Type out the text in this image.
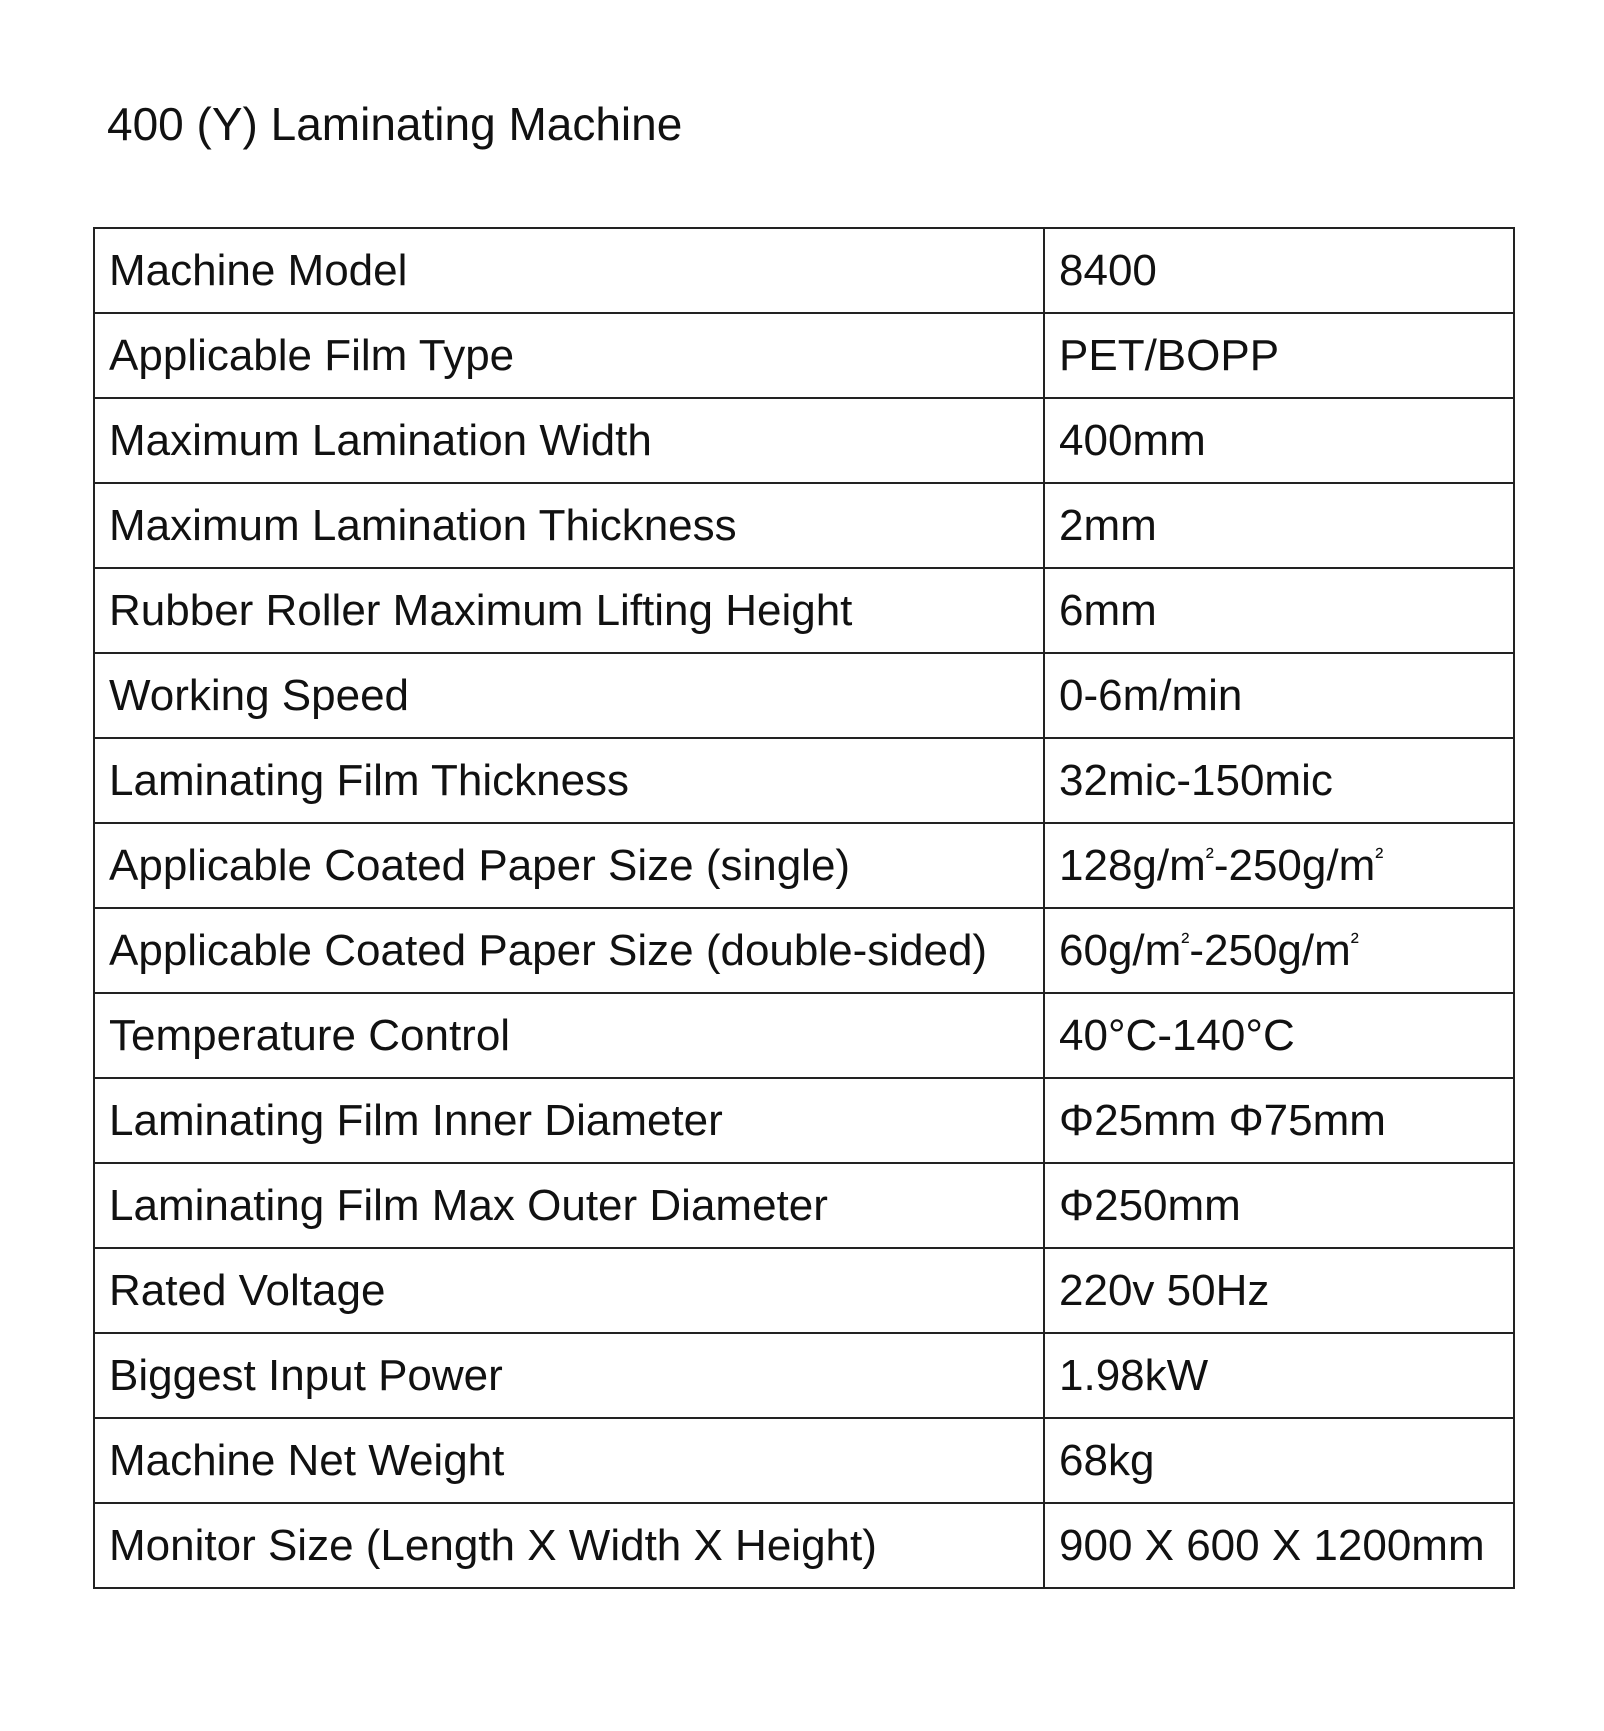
400 (Y) Laminating Machine
Machine Model	8400
Applicable Film Type	PET/BOPP
Maximum Lamination Width	400mm
Maximum Lamination Thickness	2mm
Rubber Roller Maximum Lifting Height	6mm
Working Speed	0-6m/min
Laminating Film Thickness	32mic-150mic
Applicable Coated Paper Size (single)	$128g/m^{^2}-250g/m^{^2}$
Applicable Coated Paper Size (double-sided)	$60g/m^{^2}-250g/m^{^2}$
Temperature Control	40°C-140°C
Laminating Film Inner Diameter	Φ25mm Φ75mm
Laminating Film Max Outer Diameter	Φ250mm
Rated Voltage	220v 50Hz
Biggest Input Power	1.98kW
Machine Net Weight	68kg
Monitor Size (Length X Width X Height)	900 X 600 X 1200mm
